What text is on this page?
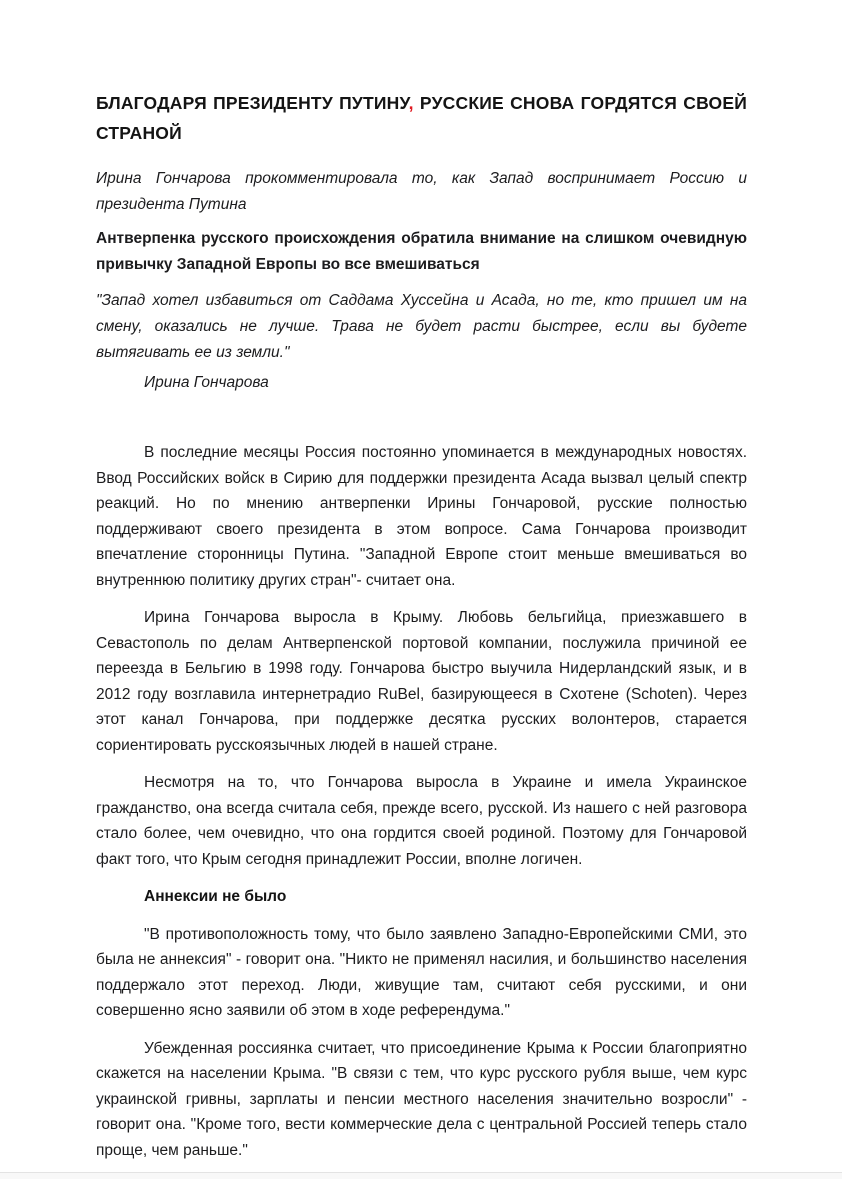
БЛАГОДАРЯ ПРЕЗИДЕНТУ ПУТИНУ, РУССКИЕ СНОВА ГОРДЯТСЯ СВОЕЙ
СТРАНОЙ

Ирина Гончарова прокомментировала то, как Запад воспринимает Россию и президента Путина

Антверпенка русского происхождения обратила внимание на слишком очевидную привычку Западной Европы во все вмешиваться

"Запад хотел избавиться от Саддама Хуссейна и Асада, но те, кто пришел им на смену, оказались не лучше. Трава не будет расти быстрее, если вы будете вытягивать ее из земли."

Ирина Гончарова

В последние месяцы Россия постоянно упоминается в международных новостях. Ввод Российских войск в Сирию для поддержки президента Асада вызвал целый спектр реакций. Но по мнению антверпенки Ирины Гончаровой, русские полностью поддерживают своего президента в этом вопросе. Сама Гончарова производит впечатление сторонницы Путина. "Западной Европе стоит меньше вмешиваться во внутреннюю политику других стран"- считает она.

Ирина Гончарова выросла в Крыму. Любовь бельгийца, приезжавшего в Севастополь по делам Антверпенской портовой компании, послужила причиной ее переезда в Бельгию в 1998 году. Гончарова быстро выучила Нидерландский язык, и в 2012 году возглавила интернетрадио RuBel, базирующееся в Схотене (Schoten). Через этот канал Гончарова, при поддержке десятка русских волонтеров, старается сориентировать русскоязычных людей в нашей стране.

Несмотря на то, что Гончарова выросла в Украине и имела Украинское гражданство, она всегда считала себя, прежде всего, русской. Из нашего с ней разговора стало более, чем очевидно, что она гордится своей родиной. Поэтому для Гончаровой факт того, что Крым сегодня принадлежит России, вполне логичен.

Аннексии не было

"В противоположность тому, что было заявлено Западно-Европейскими СМИ, это была не аннексия" - говорит она. "Никто не применял насилия, и большинство населения поддержало этот переход. Люди, живущие там, считают себя русскими, и они совершенно ясно заявили об этом в ходе референдума."

Убежденная россиянка считает, что присоединение Крыма к России благоприятно скажется на населении Крыма. "В связи с тем, что курс русского рубля выше, чем курс украинской гривны, зарплаты и пенсии местного населения значительно возросли" - говорит она. "Кроме того, вести коммерческие дела с центральной Россией теперь стало проще, чем раньше."
